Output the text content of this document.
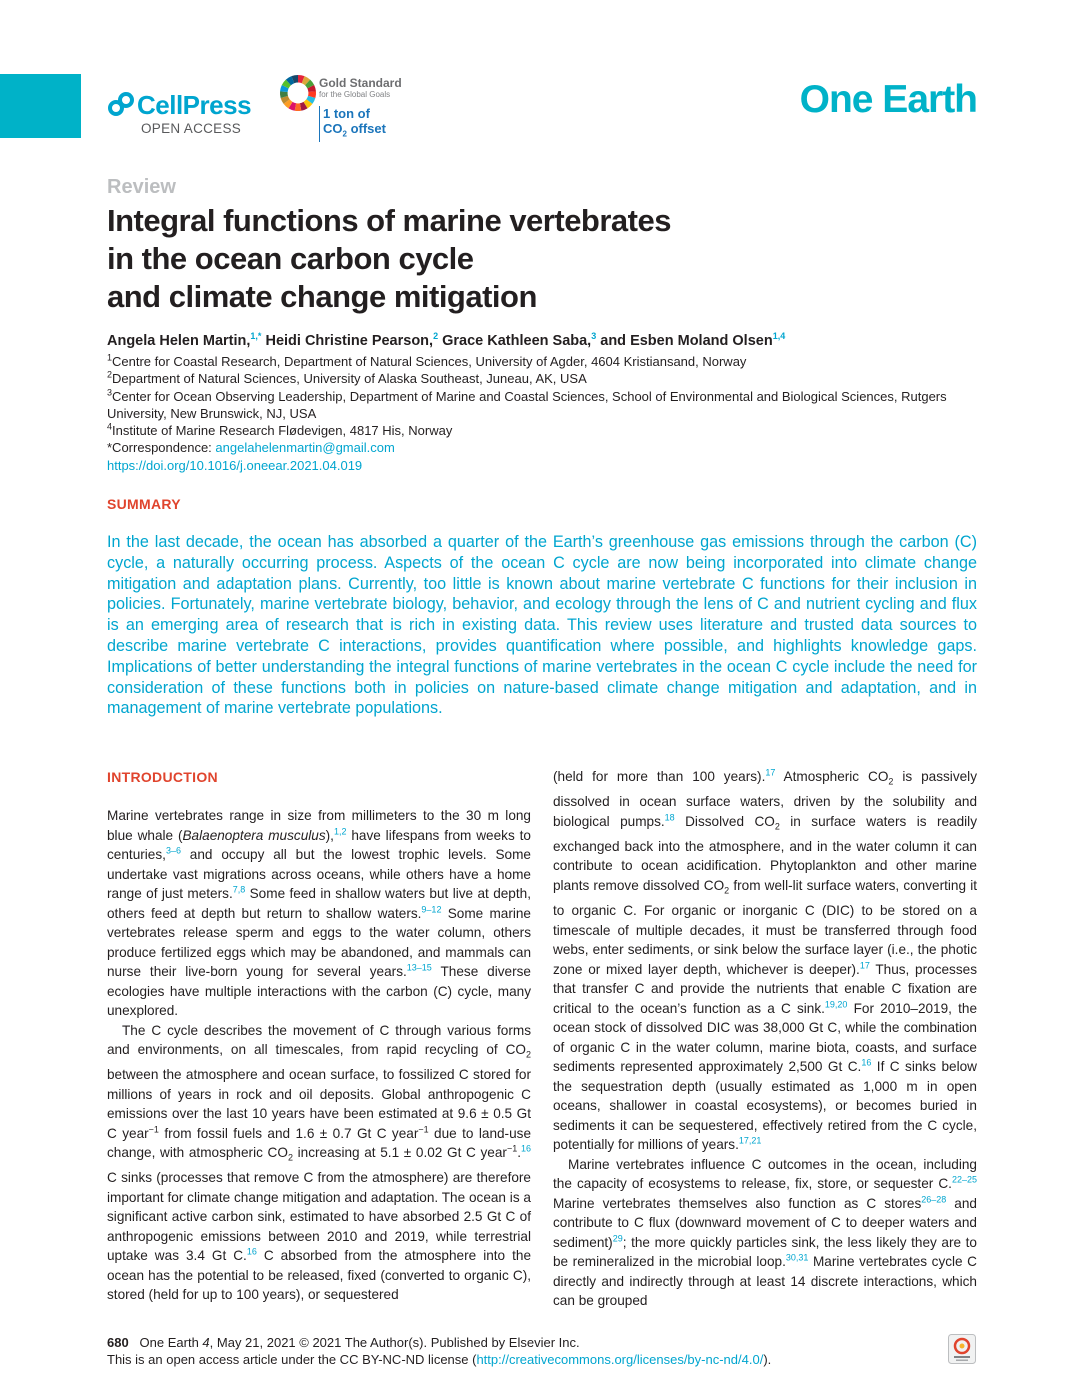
CellPress
OPEN ACCESS
Gold Standard
for the Global Goals
1 ton of
$CO_2$ offset
One Earth
Review
Integral functions of marine vertebrates
in the ocean carbon cycle
and climate change mitigation
Angela Helen Martin,$^{1,*}$ Heidi Christine Pearson,$^2$ Grace Kathleen Saba,$^3$ and Esben Moland Olsen$^{1,4}$
$^1$Centre for Coastal Research, Department of Natural Sciences, University of Agder, 4604 Kristiansand, Norway
$^2$Department of Natural Sciences, University of Alaska Southeast, Juneau, AK, USA
$^3$Center for Ocean Observing Leadership, Department of Marine and Coastal Sciences, School of Environmental and Biological Sciences, Rutgers University, New Brunswick, NJ, USA
$^4$Institute of Marine Research Flødevigen, 4817 His, Norway
*Correspondence: angelahelenmartin@gmail.com
https://doi.org/10.1016/j.oneear.2021.04.019
SUMMARY
In the last decade, the ocean has absorbed a quarter of the Earth’s greenhouse gas emissions through the carbon (C) cycle, a naturally occurring process. Aspects of the ocean C cycle are now being incorporated into climate change mitigation and adaptation plans. Currently, too little is known about marine vertebrate C functions for their inclusion in policies. Fortunately, marine vertebrate biology, behavior, and ecology through the lens of C and nutrient cycling and flux is an emerging area of research that is rich in existing data. This review uses literature and trusted data sources to describe marine vertebrate C interactions, provides quantification where possible, and highlights knowledge gaps. Implications of better understanding the integral functions of marine vertebrates in the ocean C cycle include the need for consideration of these functions both in policies on nature-based climate change mitigation and adaptation, and in management of marine vertebrate populations.
INTRODUCTION

Marine vertebrates range in size from millimeters to the 30 m long blue whale (Balaenoptera musculus),$^{1,2}$ have lifespans from weeks to centuries,$^{3-6}$ and occupy all but the lowest trophic levels. Some undertake vast migrations across oceans, while others have a home range of just meters.$^{7,8}$ Some feed in shallow waters but live at depth, others feed at depth but return to shallow waters.$^{9-12}$ Some marine vertebrates release sperm and eggs to the water column, others produce fertilized eggs which may be abandoned, and mammals can nurse their live-born young for several years.$^{13-15}$ These diverse ecologies have multiple interactions with the carbon (C) cycle, many unexplored.

The C cycle describes the movement of C through various forms and environments, on all timescales, from rapid recycling of $CO_2$ between the atmosphere and ocean surface, to fossilized C stored for millions of years in rock and oil deposits. Global anthropogenic C emissions over the last 10 years have been estimated at 9.6 ± 0.5 Gt C year$^{-1}$ from fossil fuels and 1.6 ± 0.7 Gt C year$^{-1}$ due to land-use change, with atmospheric $CO_2$ increasing at 5.1 ± 0.02 Gt C year$^{-1}$.$^{16}$ C sinks (processes that remove C from the atmosphere) are therefore important for climate change mitigation and adaptation. The ocean is a significant active carbon sink, estimated to have absorbed 2.5 Gt C of anthropogenic emissions between 2010 and 2019, while terrestrial uptake was 3.4 Gt C.$^{16}$ C absorbed from the atmosphere into the ocean has the potential to be released, fixed (converted to organic C), stored (held for up to 100 years), or sequestered

(held for more than 100 years).$^{17}$ Atmospheric $CO_2$ is passively dissolved in ocean surface waters, driven by the solubility and biological pumps.$^{18}$ Dissolved $CO_2$ in surface waters is readily exchanged back into the atmosphere, and in the water column it can contribute to ocean acidification. Phytoplankton and other marine plants remove dissolved $CO_2$ from well-lit surface waters, converting it to organic C. For organic or inorganic C (DIC) to be stored on a timescale of multiple decades, it must be transferred through food webs, enter sediments, or sink below the surface layer (i.e., the photic zone or mixed layer depth, whichever is deeper).$^{17}$ Thus, processes that transfer C and provide the nutrients that enable C fixation are critical to the ocean’s function as a C sink.$^{19,20}$ For 2010–2019, the ocean stock of dissolved DIC was 38,000 Gt C, while the combination of organic C in the water column, marine biota, coasts, and surface sediments represented approximately 2,500 Gt C.$^{16}$ If C sinks below the sequestration depth (usually estimated as 1,000 m in open oceans, shallower in coastal ecosystems), or becomes buried in sediments it can be sequestered, effectively retired from the C cycle, potentially for millions of years.$^{17,21}$

Marine vertebrates influence C outcomes in the ocean, including the capacity of ecosystems to release, fix, store, or sequester C.$^{22-25}$ Marine vertebrates themselves also function as C stores$^{26-28}$ and contribute to C flux (downward movement of C to deeper waters and sediment)$^{29}$; the more quickly particles sink, the less likely they are to be remineralized in the microbial loop.$^{30,31}$ Marine vertebrates cycle C directly and indirectly through at least 14 discrete interactions, which can be grouped

680 One Earth 4, May 21, 2021 © 2021 The Author(s). Published by Elsevier Inc.
This is an open access article under the CC BY-NC-ND license (http://creativecommons.org/licenses/by-nc-nd/4.0/).
